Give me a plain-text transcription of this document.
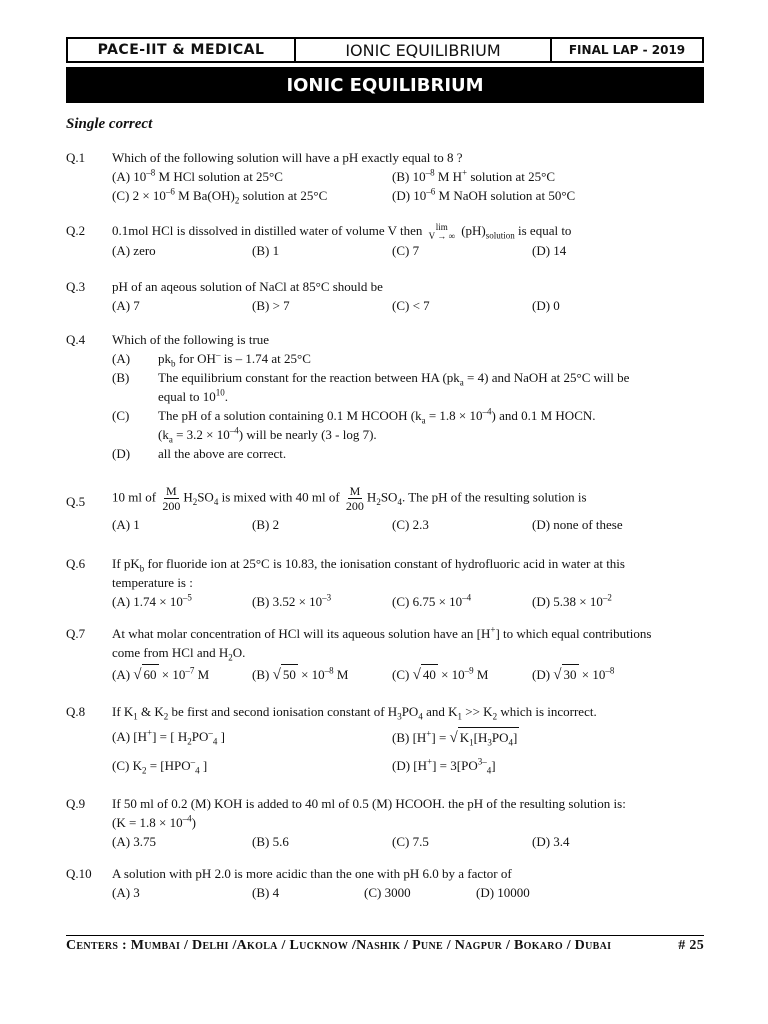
PACE-IIT & MEDICAL	IONIC EQUILIBRIUM	FINAL LAP - 2019
IONIC EQUILIBRIUM
Single correct
Q.1 Which of the following solution will have a pH exactly equal to 8 ?
(A) $10^{-8}$ M HCl solution at 25°C	(B) $10^{-8}$ M H+ solution at 25°C
(C) $2 \times 10^{-6}$ M $Ba(OH)_2$ solution at 25°C	(D) $10^{-6}$ M NaOH solution at 50°C
Q.2 0.1mol HCl is dissolved in distilled water of volume V then lim
V → ∞ $(pH)_{solution}$ is equal to
(A) zero	(B) 1	(C) 7	(D) 14
Q.3 pH of an aqeous solution of NaCl at 85°C should be
(A) 7	(B) > 7	(C) < 7	(D) 0
Q.4 Which of the following is true
(A)	$pk_b$ for OH– is – 1.74 at 25°C
(B)	The equilibrium constant for the reaction between HA $(pk_a = 4)$ and NaOH at 25°C will be
equal to $10^{10}$.
(C)	The pH of a solution containing 0.1 M HCOOH $(k_a = 1.8 \times 10^{-4})$ and 0.1 M HOCN.
$(k_a = 3.2 \times 10^{-4})$ will be nearly (3 - log 7).
(D)	all the above are correct.
Q.5 10 ml of $\frac{M}{200} H_2SO_4$ is mixed with 40 ml of $\frac{M}{200} H_2SO_4$. The pH of the resulting solution is
(A) 1	(B) 2	(C) 2.3	(D) none of these
Q.6 If $pK_b$ for fluoride ion at 25°C is 10.83, the ionisation constant of hydrofluoric acid in water at this
temperature is :
(A) $1.74 \times 10^{-5}$	(B) $3.52 \times 10^{-3}$	(C) $6.75 \times 10^{-4}$	(D) $5.38 \times 10^{-2}$
Q.7 At what molar concentration of HCl will its aqueous solution have an [H+] to which equal contributions
come from HCl and $H_2O$.
(A) √ $60 \times 10^{-7}$ M	(B) √ $50 \times 10^{-8}$ M	(C) √ $40 \times 10^{-9}$ M	(D) √ $30 \times 10^{-8}$
Q.8 If $K_1$ & $K_2$ be first and second ionisation constant of $H_3PO_4$ and $K_1 >> K_2$ which is incorrect.
(A) [H+] = [ $H_2PO^-_4$ ]	(B) [H+] = √ $K_1[H_3PO_4]$
(C) $K_2 = [HPO^-_4$ ]	(D) $[H^+] = 3[PO^{3-}_4]$
Q.9 If 50 ml of 0.2 (M) KOH is added to 40 ml of 0.5 (M) HCOOH. the pH of the resulting solution is:
$(K = 1.8 \times 10^{-4})$
(A) 3.75	(B) 5.6	(C) 7.5	(D) 3.4
Q.10 A solution with pH 2.0 is more acidic than the one with pH 6.0 by a factor of
(A) 3	(B) 4	(C) 3000	(D) 10000
Centers : Mumbai / Delhi /Akola / Lucknow /Nashik / Pune / Nagpur / Bokaro / Dubai	# 25
